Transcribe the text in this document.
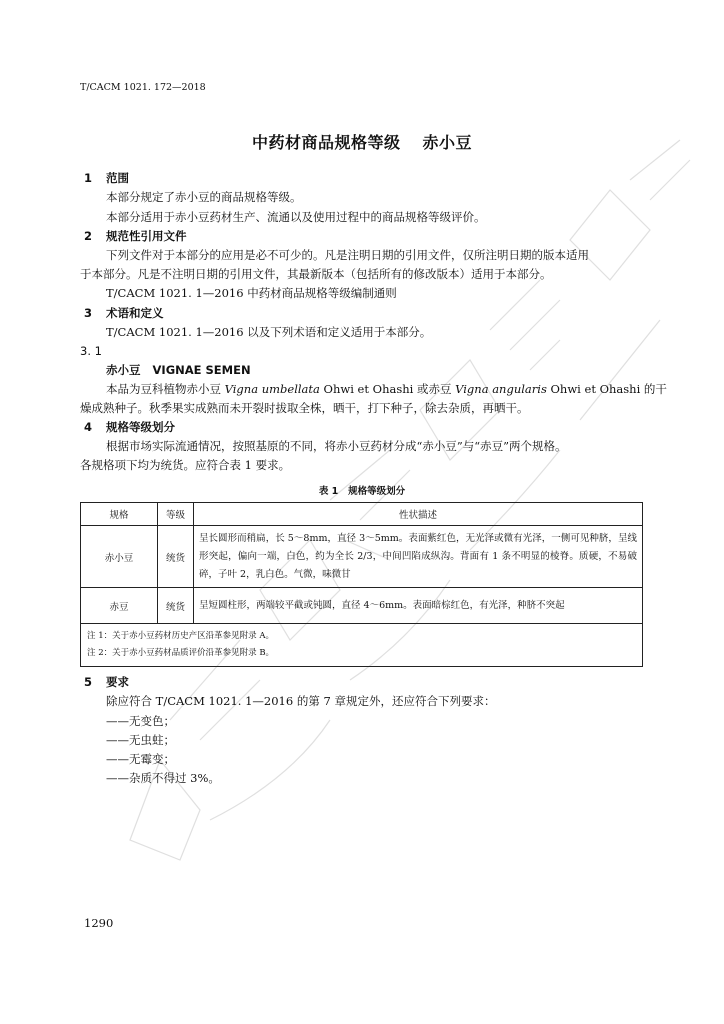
T/CACM 1021. 172—2018
中药材商品规格等级 赤小豆
1 范围
本部分规定了赤小豆的商品规格等级。
本部分适用于赤小豆药材生产、流通以及使用过程中的商品规格等级评价。
2 规范性引用文件
下列文件对于本部分的应用是必不可少的。凡是注明日期的引用文件，仅所注明日期的版本适用
于本部分。凡是不注明日期的引用文件，其最新版本（包括所有的修改版本）适用于本部分。
T/CACM 1021. 1—2016 中药材商品规格等级编制通则
3 术语和定义
T/CACM 1021. 1—2016 以及下列术语和定义适用于本部分。
3. 1
赤小豆 VIGNAE SEMEN
本品为豆科植物赤小豆 Vigna umbellata Ohwi et Ohashi 或赤豆 Vigna angularis Ohwi et Ohashi 的干
燥成熟种子。秋季果实成熟而未开裂时拔取全株，晒干，打下种子，除去杂质，再晒干。
4 规格等级划分
根据市场实际流通情况，按照基原的不同，将赤小豆药材分成“赤小豆”与“赤豆”两个规格。
各规格项下均为统货。应符合表 1 要求。
表 1 规格等级划分
规格	等级	性状描述
赤小豆	统货	呈长圆形而稍扁，长 5～8mm，直径 3～5mm。表面紫红色，无光泽或微有光泽，一侧可见种脐，呈线形突起，偏向一端，白色，约为全长 2/3，中间凹陷成纵沟。背面有 1 条不明显的棱脊。质硬，不易破碎，子叶 2，乳白色。气微，味微甘
赤豆	统货	呈短圆柱形，两端较平截或钝圆，直径 4～6mm。表面暗棕红色，有光泽，种脐不突起

注 1：关于赤小豆药材历史产区沿革参见附录 A。
注 2：关于赤小豆药材品质评价沿革参见附录 B。		
5 要求
除应符合 T/CACM 1021. 1—2016 的第 7 章规定外，还应符合下列要求：
——无变色；
——无虫蛀；
——无霉变；
——杂质不得过 3%。
1290
